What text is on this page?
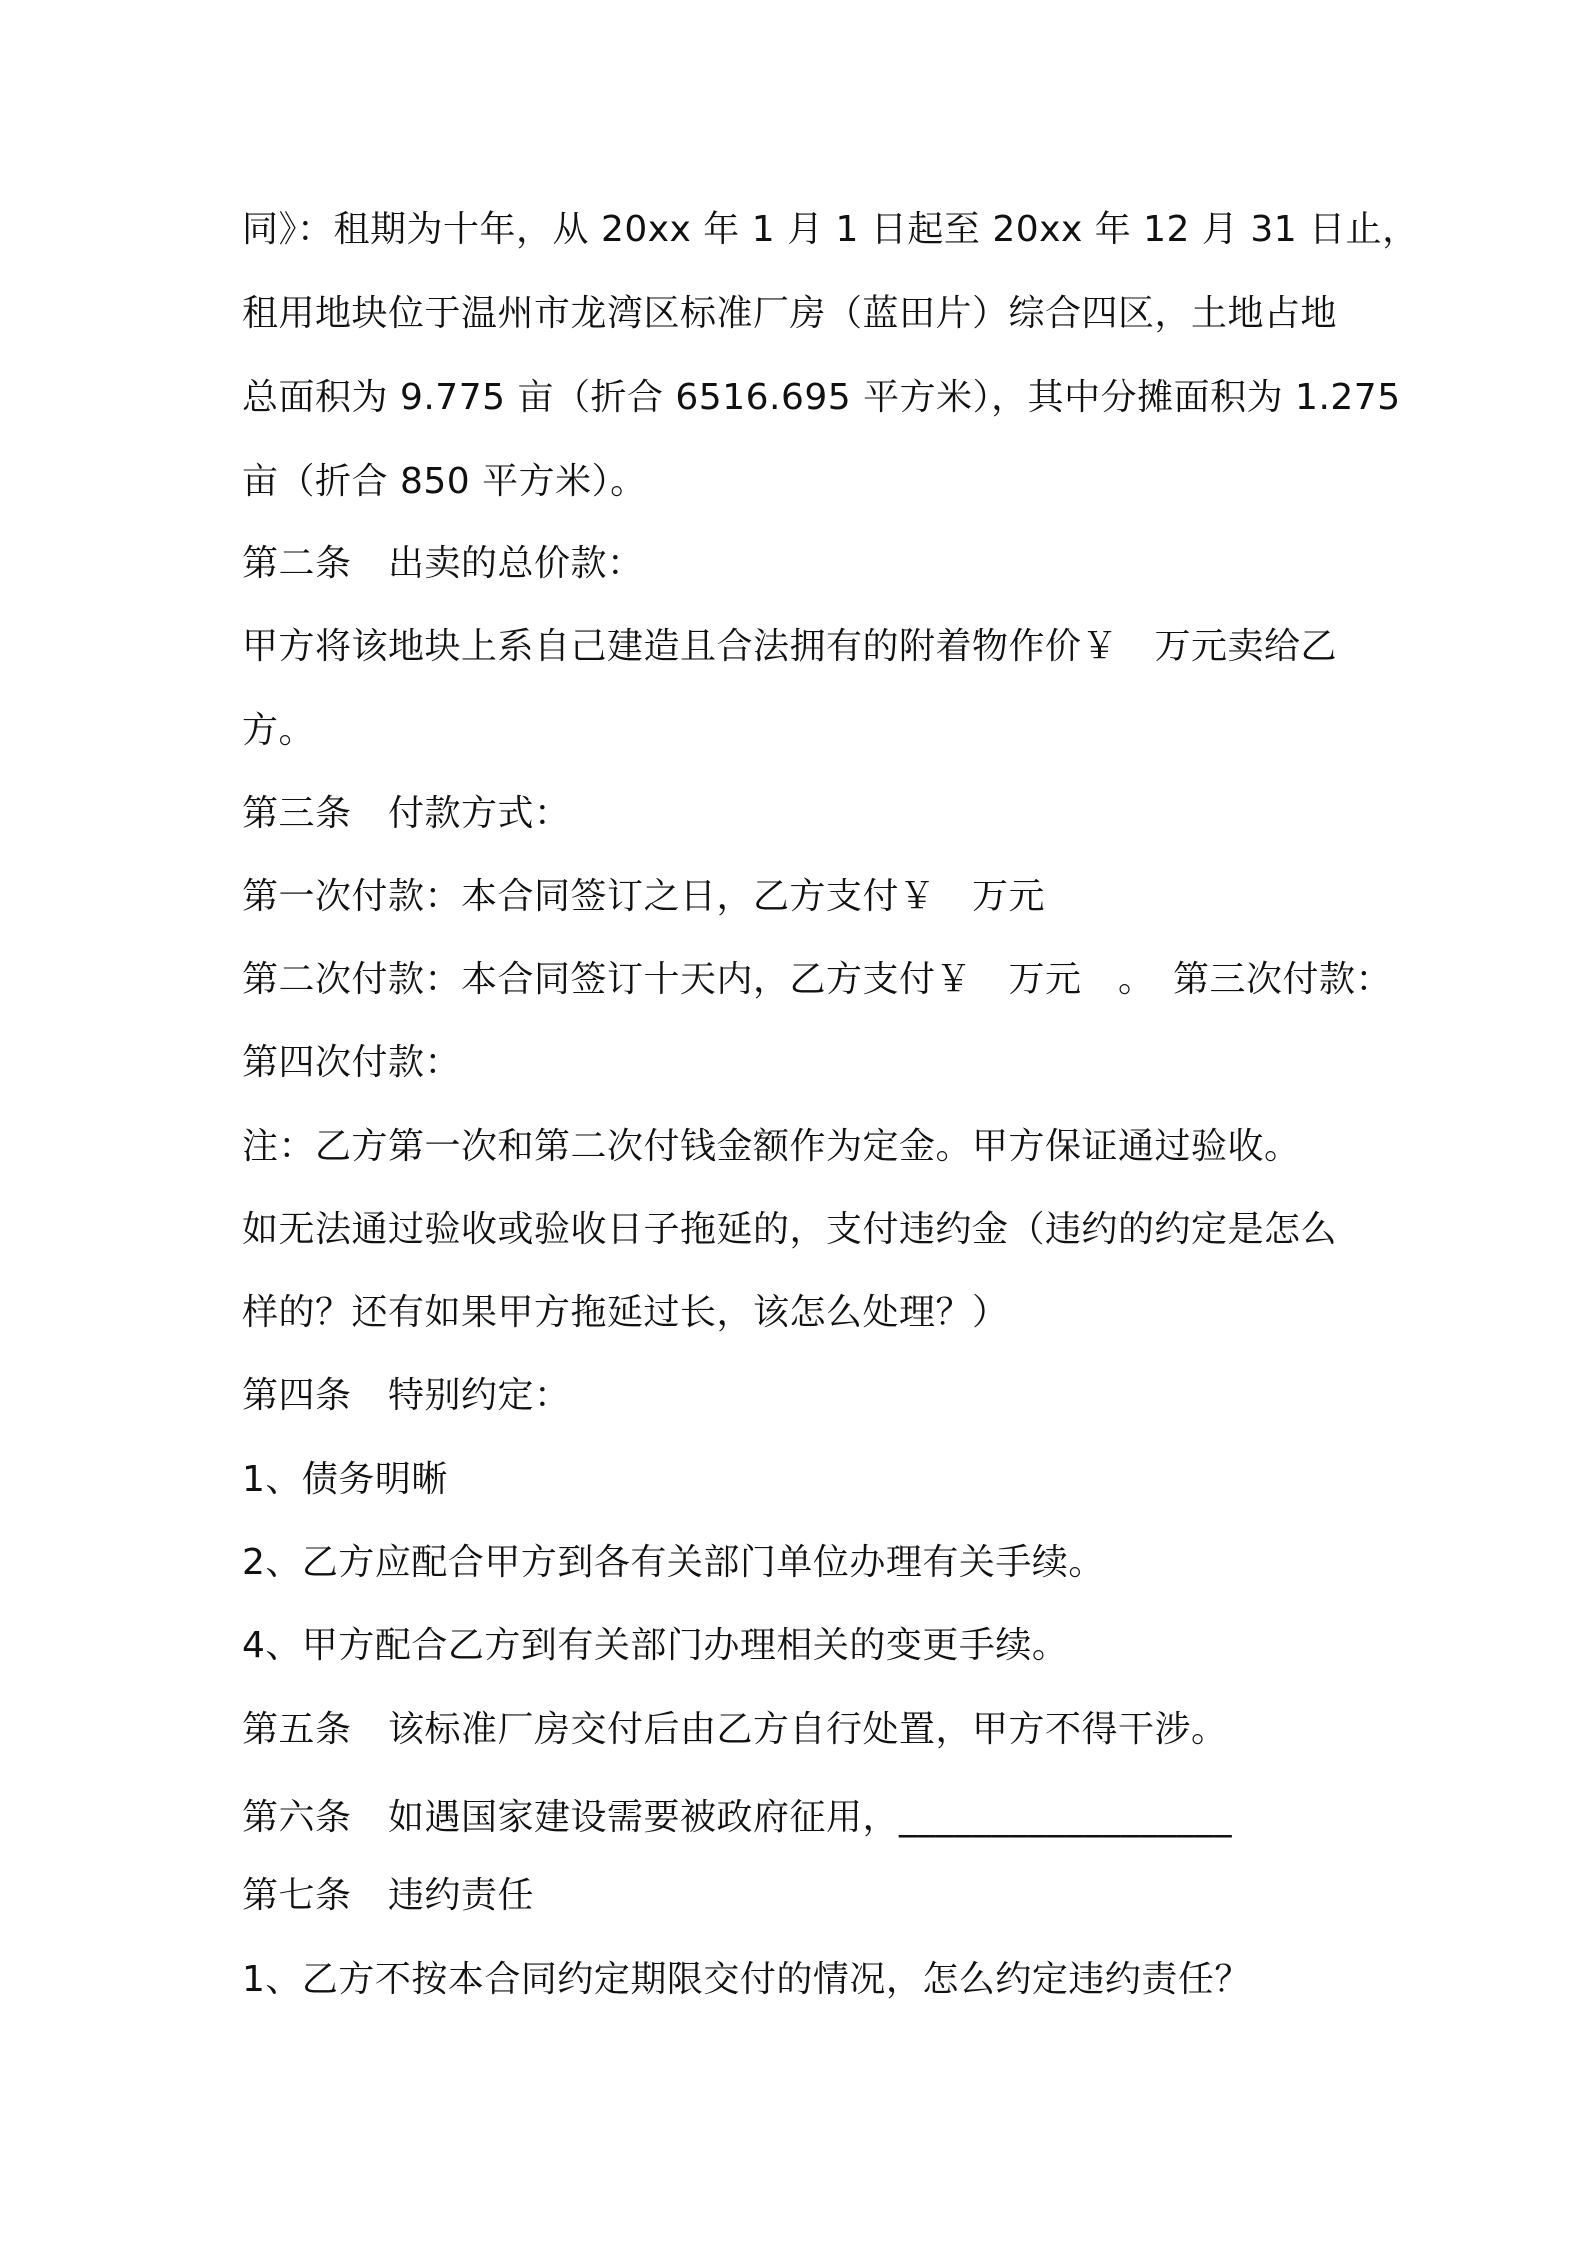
同》：租期为十年，从 20xx 年 1 月 1 日起至 20xx 年 12 月 31 日止，
租用地块位于温州市龙湾区标准厂房（蓝田片）综合四区，土地占地
总面积为 9.775 亩（折合 6516.695 平方米），其中分摊面积为 1.275
亩（折合 850 平方米）。
第二条　出卖的总价款：
甲方将该地块上系自己建造且合法拥有的附着物作价￥　万元卖给乙
方。
第三条　付款方式：
第一次付款：本合同签订之日，乙方支付￥　万元
第二次付款：本合同签订十天内，乙方支付￥　万元　。　第三次付款：
第四次付款：
注：乙方第一次和第二次付钱金额作为定金。甲方保证通过验收。
如无法通过验收或验收日子拖延的，支付违约金（违约的约定是怎么
样的？还有如果甲方拖延过长，该怎么处理？）
第四条　特别约定：
1、债务明晰
2、乙方应配合甲方到各有关部门单位办理有关手续。
4、甲方配合乙方到有关部门办理相关的变更手续。
第五条　该标准厂房交付后由乙方自行处置，甲方不得干涉。
第六条　如遇国家建设需要被政府征用，__________________
第七条　违约责任
1、乙方不按本合同约定期限交付的情况，怎么约定违约责任？
